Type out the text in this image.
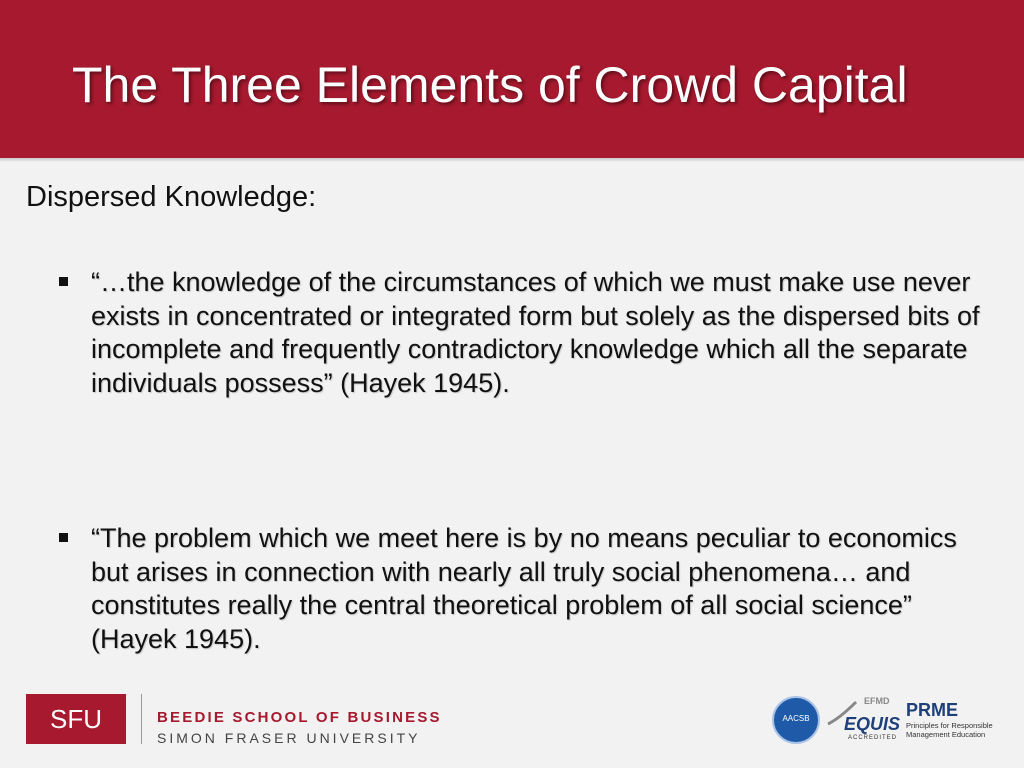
The Three Elements of Crowd Capital
Dispersed Knowledge:
“…the knowledge of the circumstances of which we must make use never exists in concentrated or integrated form but solely as the dispersed bits of incomplete and frequently contradictory knowledge which all the separate individuals possess” (Hayek 1945).
“The problem which we meet here is by no means peculiar to economics but arises in connection with nearly all truly social phenomena… and constitutes really the central theoretical problem of all social science” (Hayek 1945).
SFU	BEEDIE SCHOOL OF BUSINESS
SIMON FRASER UNIVERSITY
AACSB
EFMD
EQUIS
ACCREDITED
PRME
Principles for Responsible
Management Education
